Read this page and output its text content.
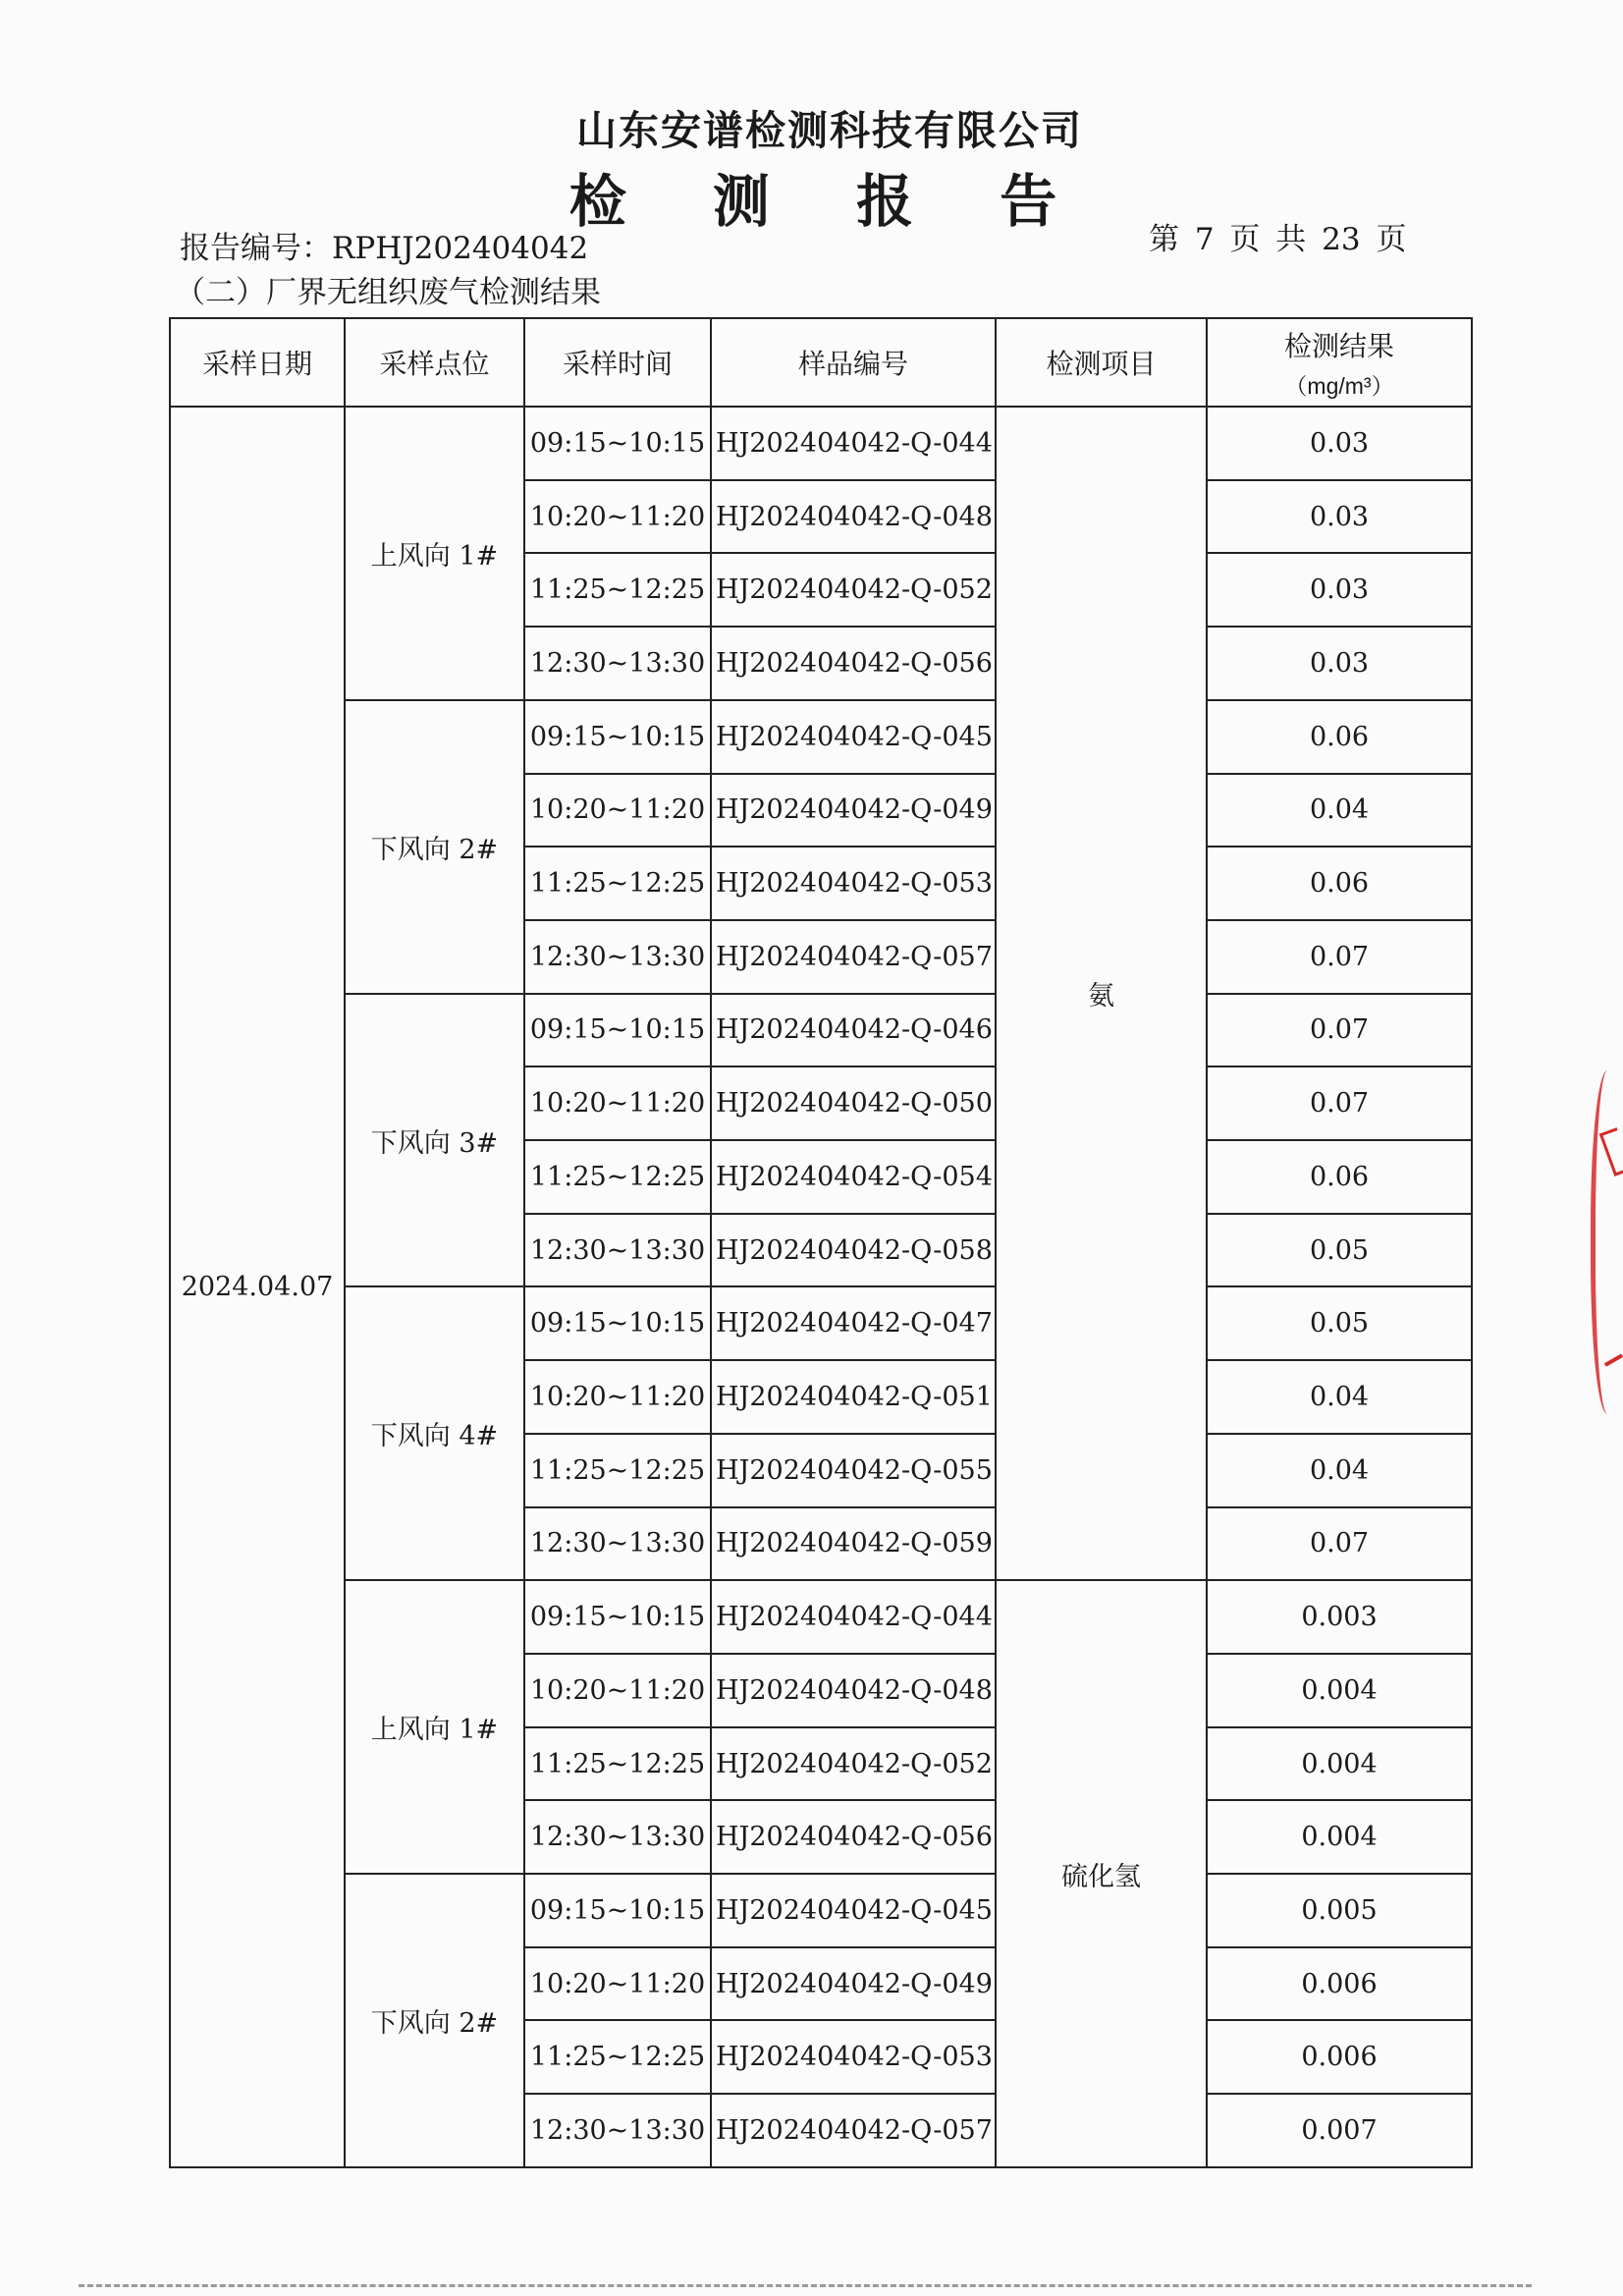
山东安谱检测科技有限公司
检 测 报 告
报告编号：RPHJ202404042	第 7 页 共 23 页
（二）厂界无组织废气检测结果
采样日期	采样点位	采样时间	样品编号	检测项目	检测结果
（mg/m³）

2024.04.07	上风向 1#	09:15~10:15	HJ202404042-Q-044	氨	0.03
		10:20~11:20	HJ202404042-Q-048		0.03
		11:25~12:25	HJ202404042-Q-052		0.03
		12:30~13:30	HJ202404042-Q-056		0.03
	下风向 2#	09:15~10:15	HJ202404042-Q-045		0.06
		10:20~11:20	HJ202404042-Q-049		0.04
		11:25~12:25	HJ202404042-Q-053		0.06
		12:30~13:30	HJ202404042-Q-057		0.07
	下风向 3#	09:15~10:15	HJ202404042-Q-046		0.07
		10:20~11:20	HJ202404042-Q-050		0.07
		11:25~12:25	HJ202404042-Q-054		0.06
		12:30~13:30	HJ202404042-Q-058		0.05
	下风向 4#	09:15~10:15	HJ202404042-Q-047		0.05
		10:20~11:20	HJ202404042-Q-051		0.04
		11:25~12:25	HJ202404042-Q-055		0.04
		12:30~13:30	HJ202404042-Q-059		0.07
	上风向 1#	09:15~10:15	HJ202404042-Q-044	硫化氢	0.003
		10:20~11:20	HJ202404042-Q-048		0.004
		11:25~12:25	HJ202404042-Q-052		0.004
		12:30~13:30	HJ202404042-Q-056		0.004
	下风向 2#	09:15~10:15	HJ202404042-Q-045		0.005
		10:20~11:20	HJ202404042-Q-049		0.006
		11:25~12:25	HJ202404042-Q-053		0.006
		12:30~13:30	HJ202404042-Q-057		0.007
